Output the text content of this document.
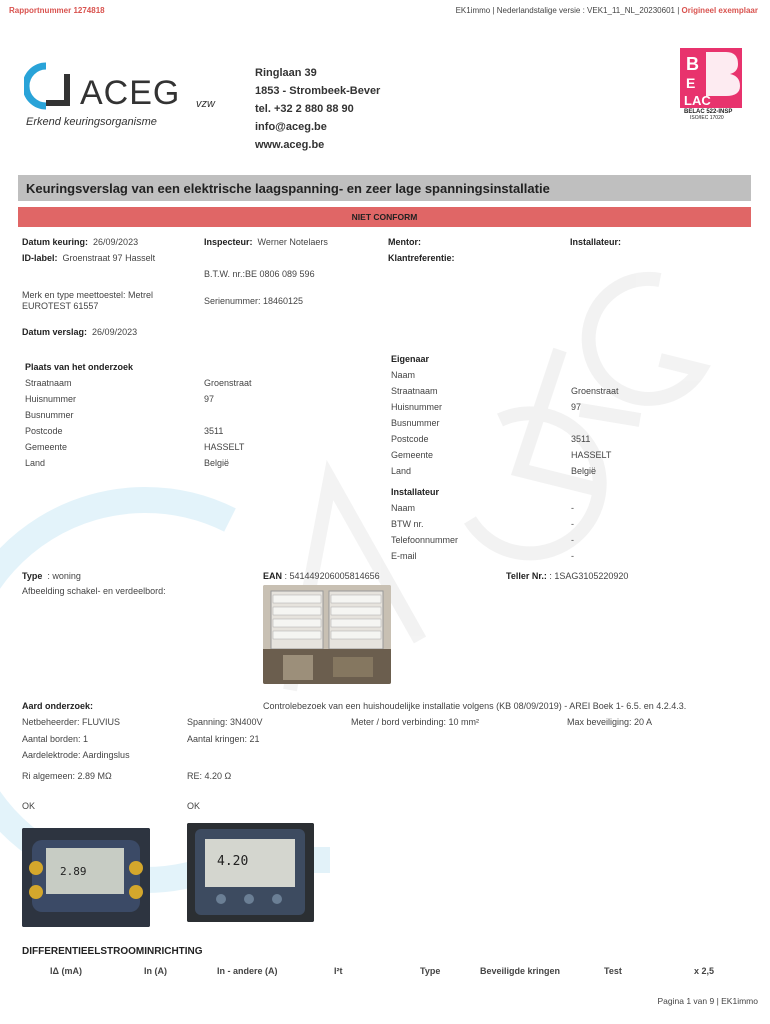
Rapportnummer 1274818	EK1immo | Nederlandstalige versie : VEK1_11_NL_20230601 | Origineel exemplaar
ACEG vzw
Erkend keuringsorganisme
Ringlaan 39
1853 - Strombeek-Bever
tel. +32 2 880 88 90
info@aceg.be
www.aceg.be
B
E
LAC
BELAC 522-INSP
ISO/IEC 17020
Keuringsverslag van een elektrische laagspanning- en zeer lage spanningsinstallatie
NIET CONFORM
Datum keuring: 26/09/2023	Inspecteur: Werner Notelaers	Mentor:	Installateur:
ID-label: Groenstraat 97 Hasselt	Klantreferentie:
B.T.W. nr.:BE 0806 089 596
Merk en type meettoestel: Metrel
EUROTEST 61557	Serienummer: 18460125
Datum verslag: 26/09/2023
Plaats van het onderzoek
Straatnaam	Groenstraat
Huisnummer	97
Busnummer
Postcode	3511
Gemeente	HASSELT
Land	België
Eigenaar
Naam
Straatnaam	Groenstraat
Huisnummer	97
Busnummer
Postcode	3511
Gemeente	HASSELT
Land	België
Installateur
Naam	-
BTW nr.	-
Telefoonnummer	-
E-mail	-
Type : woning	EAN : 541449206005814656	Teller Nr.: : 1SAG3105220920
Afbeelding schakel- en verdeelbord:
Aard onderzoek:	Controlebezoek van een huishoudelijke installatie volgens (KB 08/09/2019) - AREI Boek 1- 6.5. en 4.2.4.3.
Netbeheerder: FLUVIUS	Spanning: 3N400V	Meter / bord verbinding: 10 mm²	Max beveiliging: 20 A
Aantal borden: 1	Aantal kringen: 21
Aardelektrode: Aardingslus
Ri algemeen: 2.89 MΩ	RE: 4.20 Ω
OK	OK
2.89
4.20
DIFFERENTIEELSTROOMINRICHTING
IΔ (mA)	In (A)	In - andere (A)	I²t	Type	Beveiligde kringen	Test	x 2,5
Pagina 1 van 9 | EK1immo
